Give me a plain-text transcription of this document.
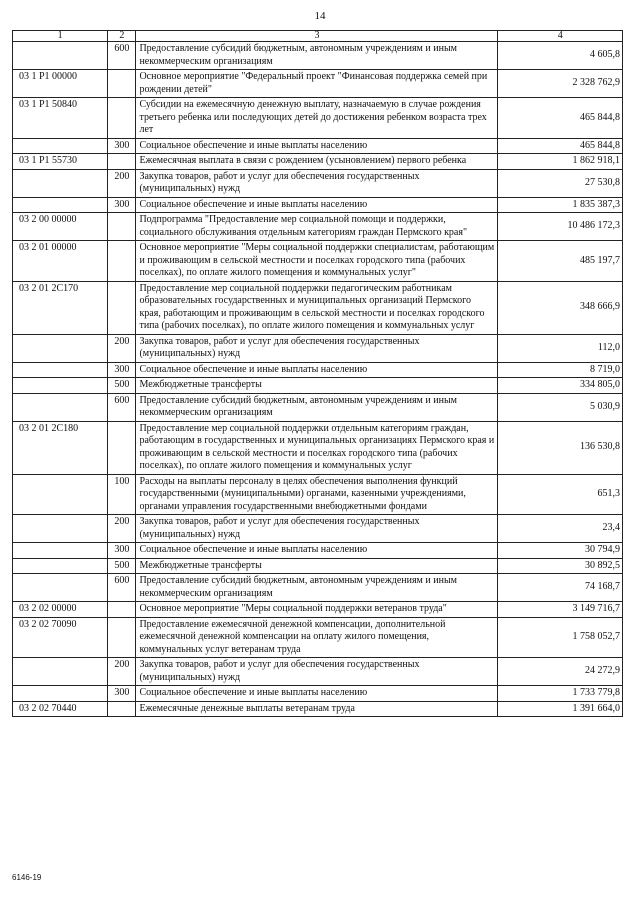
14
1	2	3	4
	600	Предоставление субсидий бюджетным, автономным учреждениям и иным некоммерческим организациям	4 605,8
03 1 P1 00000		Основное мероприятие "Федеральный проект "Финансовая поддержка семей при рождении детей"	2 328 762,9
03 1 P1 50840		Субсидии на ежемесячную денежную выплату, назначаемую в случае рождения третьего ребенка или последующих детей до достижения ребенком возраста трех лет	465 844,8
	300	Социальное обеспечение и иные выплаты населению	465 844,8
03 1 P1 55730		Ежемесячная выплата в связи с рождением (усыновлением) первого ребенка	1 862 918,1
	200	Закупка товаров, работ и услуг для обеспечения государственных (муниципальных) нужд	27 530,8
	300	Социальное обеспечение и иные выплаты населению	1 835 387,3
03 2 00 00000		Подпрограмма "Предоставление мер социальной помощи и поддержки, социального обслуживания отдельным категориям граждан Пермского края"	10 486 172,3
03 2 01 00000		Основное мероприятие "Меры социальной поддержки специалистам, работающим и проживающим в сельской местности и поселках городского типа (рабочих поселках), по оплате жилого помещения и коммунальных услуг"	485 197,7
03 2 01 2C170		Предоставление мер социальной поддержки педагогическим работникам образовательных государственных и муниципальных организаций Пермского края, работающим и проживающим в сельской местности и поселках городского типа (рабочих поселках), по оплате жилого помещения и коммунальных услуг	348 666,9
	200	Закупка товаров, работ и услуг для обеспечения государственных (муниципальных) нужд	112,0
	300	Социальное обеспечение и иные выплаты населению	8 719,0
	500	Межбюджетные трансферты	334 805,0
	600	Предоставление субсидий бюджетным, автономным учреждениям и иным некоммерческим организациям	5 030,9
03 2 01 2C180		Предоставление мер социальной поддержки отдельным категориям граждан, работающим в государственных и муниципальных организациях Пермского края и проживающим в сельской местности и поселках городского типа (рабочих поселках), по оплате жилого помещения и коммунальных услуг	136 530,8
	100	Расходы на выплаты персоналу в целях обеспечения выполнения функций государственными (муниципальными) органами, казенными учреждениями, органами управления государственными внебюджетными фондами	651,3
	200	Закупка товаров, работ и услуг для обеспечения государственных (муниципальных) нужд	23,4
	300	Социальное обеспечение и иные выплаты населению	30 794,9
	500	Межбюджетные трансферты	30 892,5
	600	Предоставление субсидий бюджетным, автономным учреждениям и иным некоммерческим организациям	74 168,7
03 2 02 00000		Основное мероприятие "Меры социальной поддержки ветеранов труда"	3 149 716,7
03 2 02 70090		Предоставление ежемесячной денежной компенсации, дополнительной ежемесячной денежной компенсации на оплату жилого помещения, коммунальных услуг ветеранам труда	1 758 052,7
	200	Закупка товаров, работ и услуг для обеспечения государственных (муниципальных) нужд	24 272,9
	300	Социальное обеспечение и иные выплаты населению	1 733 779,8
03 2 02 70440		Ежемесячные денежные выплаты ветеранам труда	1 391 664,0
6146-19
